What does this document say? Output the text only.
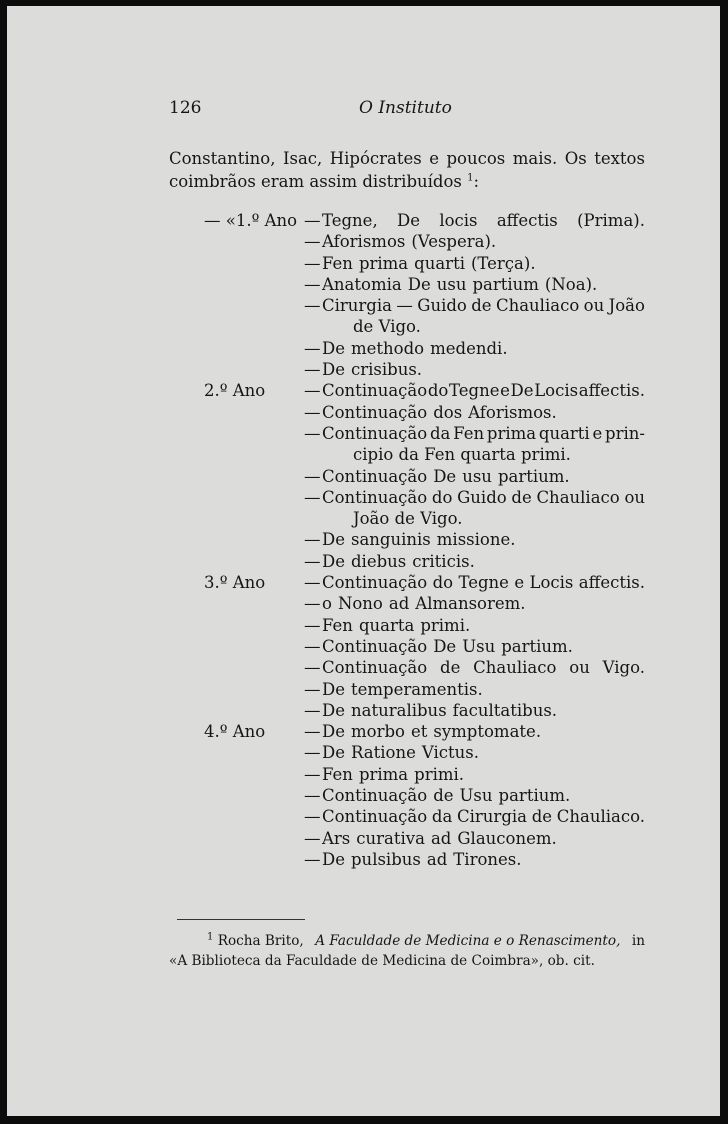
126	O Instituto
Constantino, Isac, Hipócrates e poucos mais. Os textos
coimbrãos eram assim distribuídos $^1$:
— «1.º Ano — Tegne, De locis affectis (Prima).
— Aforismos (Vespera).
— Fen prima quarti (Terça).
— Anatomia De usu partium (Noa).
— Cirurgia — Guido de Chauliaco ou João
de Vigo.
— De methodo medendi.
— De crisibus.
2.º Ano — Continuação do Tegne e De Locis affectis.
— Continuação dos Aforismos.
— Continuação da Fen prima quarti e prin-
cipio da Fen quarta primi.
— Continuação De usu partium.
— Continuação do Guido de Chauliaco ou
João de Vigo.
— De sanguinis missione.
— De diebus criticis.
3.º Ano — Continuação do Tegne e Locis affectis.
— o Nono ad Almansorem.
— Fen quarta primi.
— Continuação De Usu partium.
— Continuação de Chauliaco ou Vigo.
— De temperamentis.
— De naturalibus facultatibus.
4.º Ano — De morbo et symptomate.
— De Ratione Victus.
— Fen prima primi.
— Continuação de Usu partium.
— Continuação da Cirurgia de Chauliaco.
— Ars curativa ad Glauconem.
— De pulsibus ad Tirones.
$^1$ Rocha Brito, A Faculdade de Medicina e o Renascimento, in
«A Biblioteca da Faculdade de Medicina de Coimbra», ob. cit.
